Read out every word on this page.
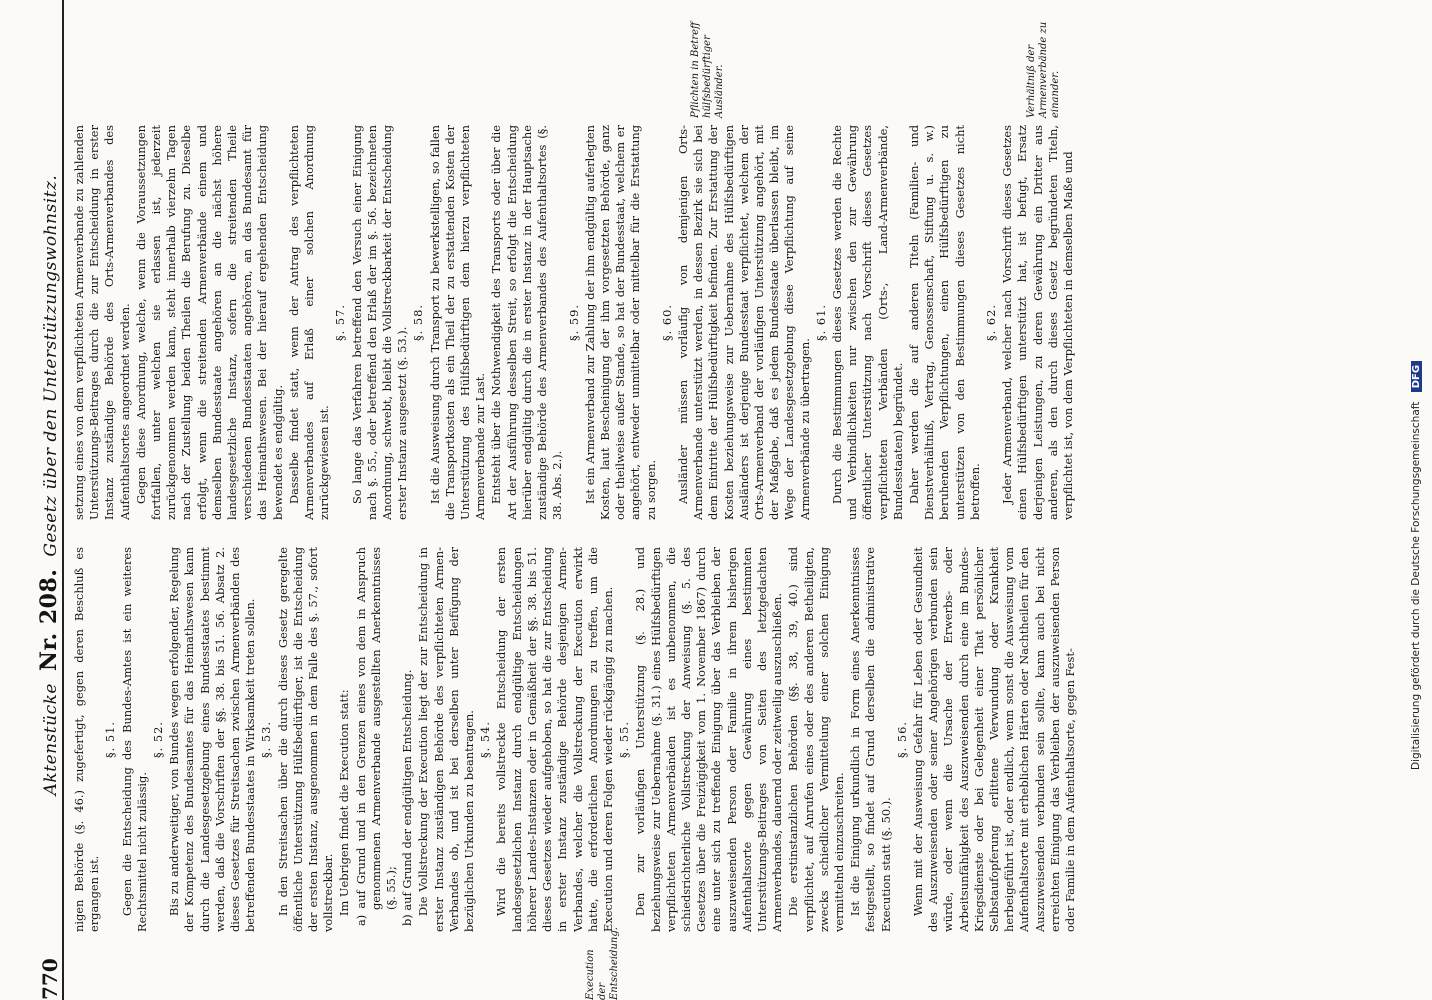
770
Aktenstücke Nr. 208. Gesetz über den Unterstützungswohnsitz.
Execution der Entscheidung.

nigen Behörde (§. 46.) zugefertigt, gegen deren Beschluß es ergangen ist.

§. 51. Gegen die Entscheidung des Bundes-Amtes ist ein weiteres Rechtsmittel nicht zulässig.

§. 52. Bis zu anderweitiger, von Bundes wegen erfolgender, Regelung der Kompetenz des Bundesamtes für das Heimathswesen kann durch die Landesgesetzgebung eines Bundesstaates bestimmt werden, daß die Vorschriften der §§. 38. bis 51. 56. Absatz 2. dieses Gesetzes für Streitsachen zwischen Armenverbänden des betreffenden Bundesstaates in Wirksamkeit treten sollen. §. 53. In den Streitsachen über die durch dieses Gesetz geregelte öffentliche Unterstützung Hülfsbedürftiger, ist die Entscheidung der ersten Instanz, ausgenommen in dem Falle des §. 57., sofort vollstreckbar. Im Uebrigen findet die Execution statt: a) auf Grund und in den Grenzen eines von dem in Anspruch genommenen Armenverbande ausgestellten Anerkenntnisses (§. 55.); b) auf Grund der endgültigen Entscheidung. Die Vollstreckung der Execution liegt der zur Entscheidung in erster Instanz zuständigen Behörde des verpflichteten Armen-Verbandes ob, und ist bei derselben unter Beifügung der bezüglichen Urkunden zu beantragen. §. 54. Wird die bereits vollstreckte Entscheidung der ersten landesgesetzlichen Instanz durch endgültige Entscheidungen höherer Landes-Instanzen oder in Gemäßheit der §§. 38. bis 51. dieses Gesetzes wieder aufgehoben, so hat die zur Entscheidung in erster Instanz zuständige Behörde desjenigen Armen-Verbandes, welcher die Vollstreckung der Execution erwirkt hatte, die erforderlichen Anordnungen zu treffen, um die Execution und deren Folgen wieder rückgängig zu machen. §. 55. Den zur vorläufigen Unterstützung (§. 28.) und beziehungsweise zur Uebernahme (§. 31.) eines Hülfsbedürftigen verpflichteten Armenverbänden ist es unbenommen, die schiedsrichterliche Vollstreckung der Anweisung (§. 5. des Gesetzes über die Freizügigkeit vom 1. November 1867) durch eine unter sich zu treffende Einigung über das Verbleiben der auszuweisenden Person oder Familie in ihrem bisherigen Aufenthaltsorte gegen Gewährung eines bestimmten Unterstützungs-Beitrages von Seiten des letztgedachten Armenverbandes, dauernd oder zeitweilig auszuschließen. Die erstinstanzlichen Behörden (§§. 38, 39, 40.) sind verpflichtet, auf Anrufen eines oder des anderen Betheiligten, zwecks schiedlicher Vermittelung einer solchen Einigung vermittelnd einzuschreiten. Ist die Einigung urkundlich in Form eines Anerkenntnisses festgestellt, so findet auf Grund derselben die administrative Execution statt (§. 50.).

§. 56. Wenn mit der Ausweisung Gefahr für Leben oder Gesundheit des Auszuweisenden oder seiner Angehörigen verbunden sein würde, oder wenn die Ursache der Erwerbs- oder Arbeitsunfähigkeit des Auszuweisenden durch eine im Bundes-Kriegsdienste oder bei Gelegenheit einer That persönlicher Selbstaufopferung erlittene Verwundung oder Krankheit herbeigeführt ist, oder endlich, wenn sonst die Ausweisung vom Aufenthaltsorte mit erheblichen Härten oder Nachtheilen für den Auszuweisenden verbunden sein sollte, kann auch bei nicht erreichten Einigung das Verbleiben der auszuweisenden Person oder Familie in dem Aufenthaltsorte, gegen Fest-

setzung eines von dem verpflichteten Armenverbande zu zahlenden Unterstützungs-Beitrages durch die zur Entscheidung in erster Instanz zuständige Behörde des Orts-Armenverbandes des Aufenthaltsortes angeordnet werden. Gegen diese Anordnung, welche, wenn die Voraussetzungen fortfallen, unter welchen sie erlassen ist, jederzeit zurückgenommen werden kann, steht innerhalb vierzehn Tagen nach der Zustellung beiden Theilen die Berufung zu. Dieselbe erfolgt, wenn die streitenden Armenverbände einem und demselben Bundesstaate angehören an die nächst höhere landesgesetzliche Instanz, sofern die streitenden Theile verschiedenen Bundesstaaten angehören, an das Bundesamt für das Heimathswesen. Bei der hierauf ergehenden Entscheidung bewendet es endgültig. Dasselbe findet statt, wenn der Antrag des verpflichteten Armenverbandes auf Erlaß einer solchen Anordnung zurückgewiesen ist.

§. 57. So lange das Verfahren betreffend den Versuch einer Einigung nach §. 55., oder betreffend den Erlaß der im §. 56. bezeichneten Anordnung, schwebt, bleibt die Vollstreckbarkeit der Entscheidung erster Instanz ausgesetzt (§. 53.).

§. 58. Ist die Ausweisung durch Transport zu bewerkstelligen, so fallen die Transportkosten als ein Theil der zu erstattenden Kosten der Unterstützung des Hülfsbedürftigen dem hierzu verpflichteten Armenverbande zur Last. Entsteht über die Nothwendigkeit des Transports oder über die Art der Ausführung desselben Streit, so erfolgt die Entscheidung hierüber endgültig durch die in erster Instanz in der Hauptsache zuständige Behörde des Armenverbandes des Aufenthaltsortes (§. 38. Abs. 2.).

§. 59. Ist ein Armenverband zur Zahlung der ihm endgültig auferlegten Kosten, laut Bescheinigung der ihm vorgesetzten Behörde, ganz oder theilweise außer Stande, so hat der Bundesstaat, welchem er angehört, entweder unmittelbar oder mittelbar für die Erstattung zu sorgen.

§. 60. Ausländer müssen vorläufig von demjenigen Orts-Armenverbande unterstützt werden, in dessen Bezirk sie sich bei dem Eintritte der Hülfsbedürftigkeit befinden. Zur Erstattung der Kosten beziehungsweise zur Uebernahme des Hülfsbedürftigen Ausländers ist derjenige Bundesstaat verpflichtet, welchem der Orts-Armenverband der vorläufigen Unterstützung angehört, mit der Maßgabe, daß es jedem Bundesstaate überlassen bleibt, im Wege der Landesgesetzgebung diese Verpflichtung auf seine Armenverbände zu übertragen.

§. 61. Durch die Bestimmungen dieses Gesetzes werden die Rechte und Verbindlichkeiten nur zwischen den zur Gewährung öffentlicher Unterstützung nach Vorschrift dieses Gesetzes verpflichteten Verbänden (Orts-, Land-Armenverbände, Bundesstaaten) begründet. Daher werden die auf anderen Titeln (Familien- und Dienstverhältniß, Vertrag, Genossenschaft, Stiftung u. s. w.) beruhenden Verpflichtungen, einen Hülfsbedürftigen zu unterstützen von den Bestimmungen dieses Gesetzes nicht betroffen.

§. 62. Jeder Armenverband, welcher nach Vorschrift dieses Gesetzes einen Hülfsbedürftigen unterstützt hat, ist befugt, Ersatz derjenigen Leistungen, zu deren Gewährung ein Dritter aus anderen, als den durch dieses Gesetz begründeten Titeln, verpflichtet ist, von dem Verpflichteten in demselben Maße und

Pflichten in Betreff hülfsbedürftiger Ausländer.	Verhältniß der Armenverbände zu einander.
Digitalisierung gefördert durch die Deutsche Forschungsgemeinschaft DFG
